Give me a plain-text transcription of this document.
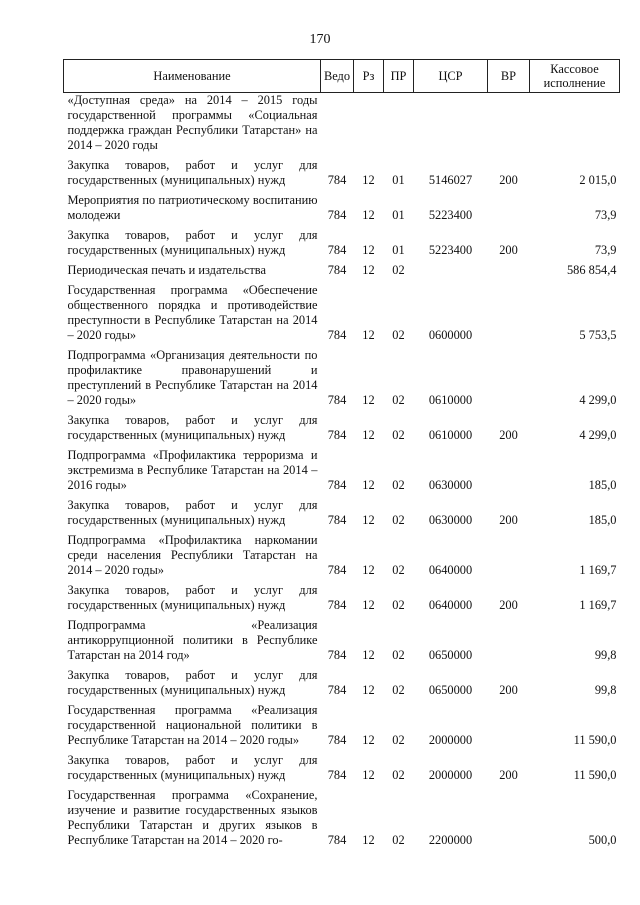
170
Наименование	Ведо	Рз	ПР	ЦСР	ВР	Кассовое исполнение
«Доступная среда» на 2014 – 2015 годы государственной программы «Социальная поддержка граждан Республики Татарстан» на 2014 – 2020 годы						
Закупка товаров, работ и услуг для государственных (муниципальных) нужд	784	12	01	5146027	200	2 015,0
Мероприятия по патриотическому воспитанию молодежи	784	12	01	5223400		73,9
Закупка товаров, работ и услуг для государственных (муниципальных) нужд	784	12	01	5223400	200	73,9
Периодическая печать и издательства	784	12	02			586 854,4
Государственная программа «Обеспечение общественного порядка и противодействие преступности в Республике Татарстан на 2014 – 2020 годы»	784	12	02	0600000		5 753,5
Подпрограмма «Организация деятельности по профилактике правонарушений и преступлений в Республике Татарстан на 2014 – 2020 годы»	784	12	02	0610000		4 299,0
Закупка товаров, работ и услуг для государственных (муниципальных) нужд	784	12	02	0610000	200	4 299,0
Подпрограмма «Профилактика терроризма и экстремизма в Республике Татарстан на 2014 – 2016 годы»	784	12	02	0630000		185,0
Закупка товаров, работ и услуг для государственных (муниципальных) нужд	784	12	02	0630000	200	185,0
Подпрограмма «Профилактика наркомании среди населения Республики Татарстан на 2014 – 2020 годы»	784	12	02	0640000		1 169,7
Закупка товаров, работ и услуг для государственных (муниципальных) нужд	784	12	02	0640000	200	1 169,7
Подпрограмма «Реализация антикоррупционной политики в Республике Татарстан на 2014 год»	784	12	02	0650000		99,8
Закупка товаров, работ и услуг для государственных (муниципальных) нужд	784	12	02	0650000	200	99,8
Государственная программа «Реализация государственной национальной политики в Республике Татарстан на 2014 – 2020 годы»	784	12	02	2000000		11 590,0
Закупка товаров, работ и услуг для государственных (муниципальных) нужд	784	12	02	2000000	200	11 590,0
Государственная программа «Сохранение, изучение и развитие государственных языков Республики Татарстан и других языков в Республике Татарстан на 2014 – 2020 го-	784	12	02	2200000		500,0
